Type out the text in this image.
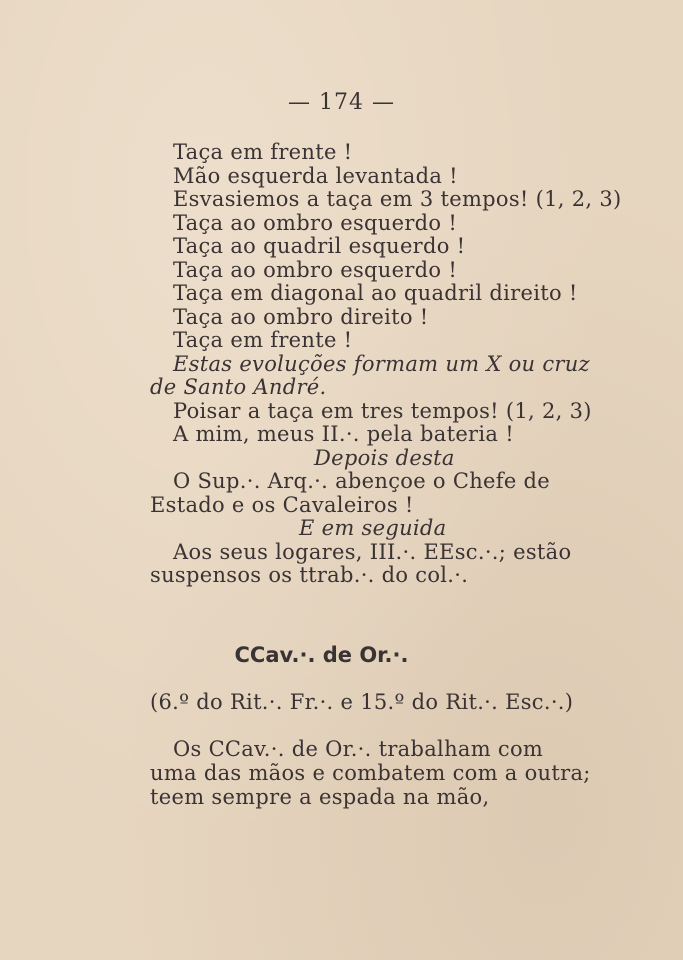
— 174 —
Taça em frente !
Mão esquerda levantada !
Esvasiemos a taça em 3 tempos! (1, 2, 3)
Taça ao ombro esquerdo !
Taça ao quadril esquerdo !
Taça ao ombro esquerdo !
Taça em diagonal ao quadril direito !
Taça ao ombro direito !
Taça em frente !
Estas evoluções formam um X ou cruz
de Santo André.
Poisar a taça em tres tempos! (1, 2, 3)
A mim, meus II.·. pela bateria !
Depois desta
O Sup.·. Arq.·. abençoe o Chefe de
Estado e os Cavaleiros !
E em seguida
Aos seus logares, III.·. EEsc.·.; estão
suspensos os ttrab.·. do col.·.
CCav.·. de Or.·.
(6.º do Rit.·. Fr.·. e 15.º do Rit.·. Esc.·.)
Os CCav.·. de Or.·. trabalham com
uma das mãos e combatem com a outra;
teem sempre a espada na mão,
